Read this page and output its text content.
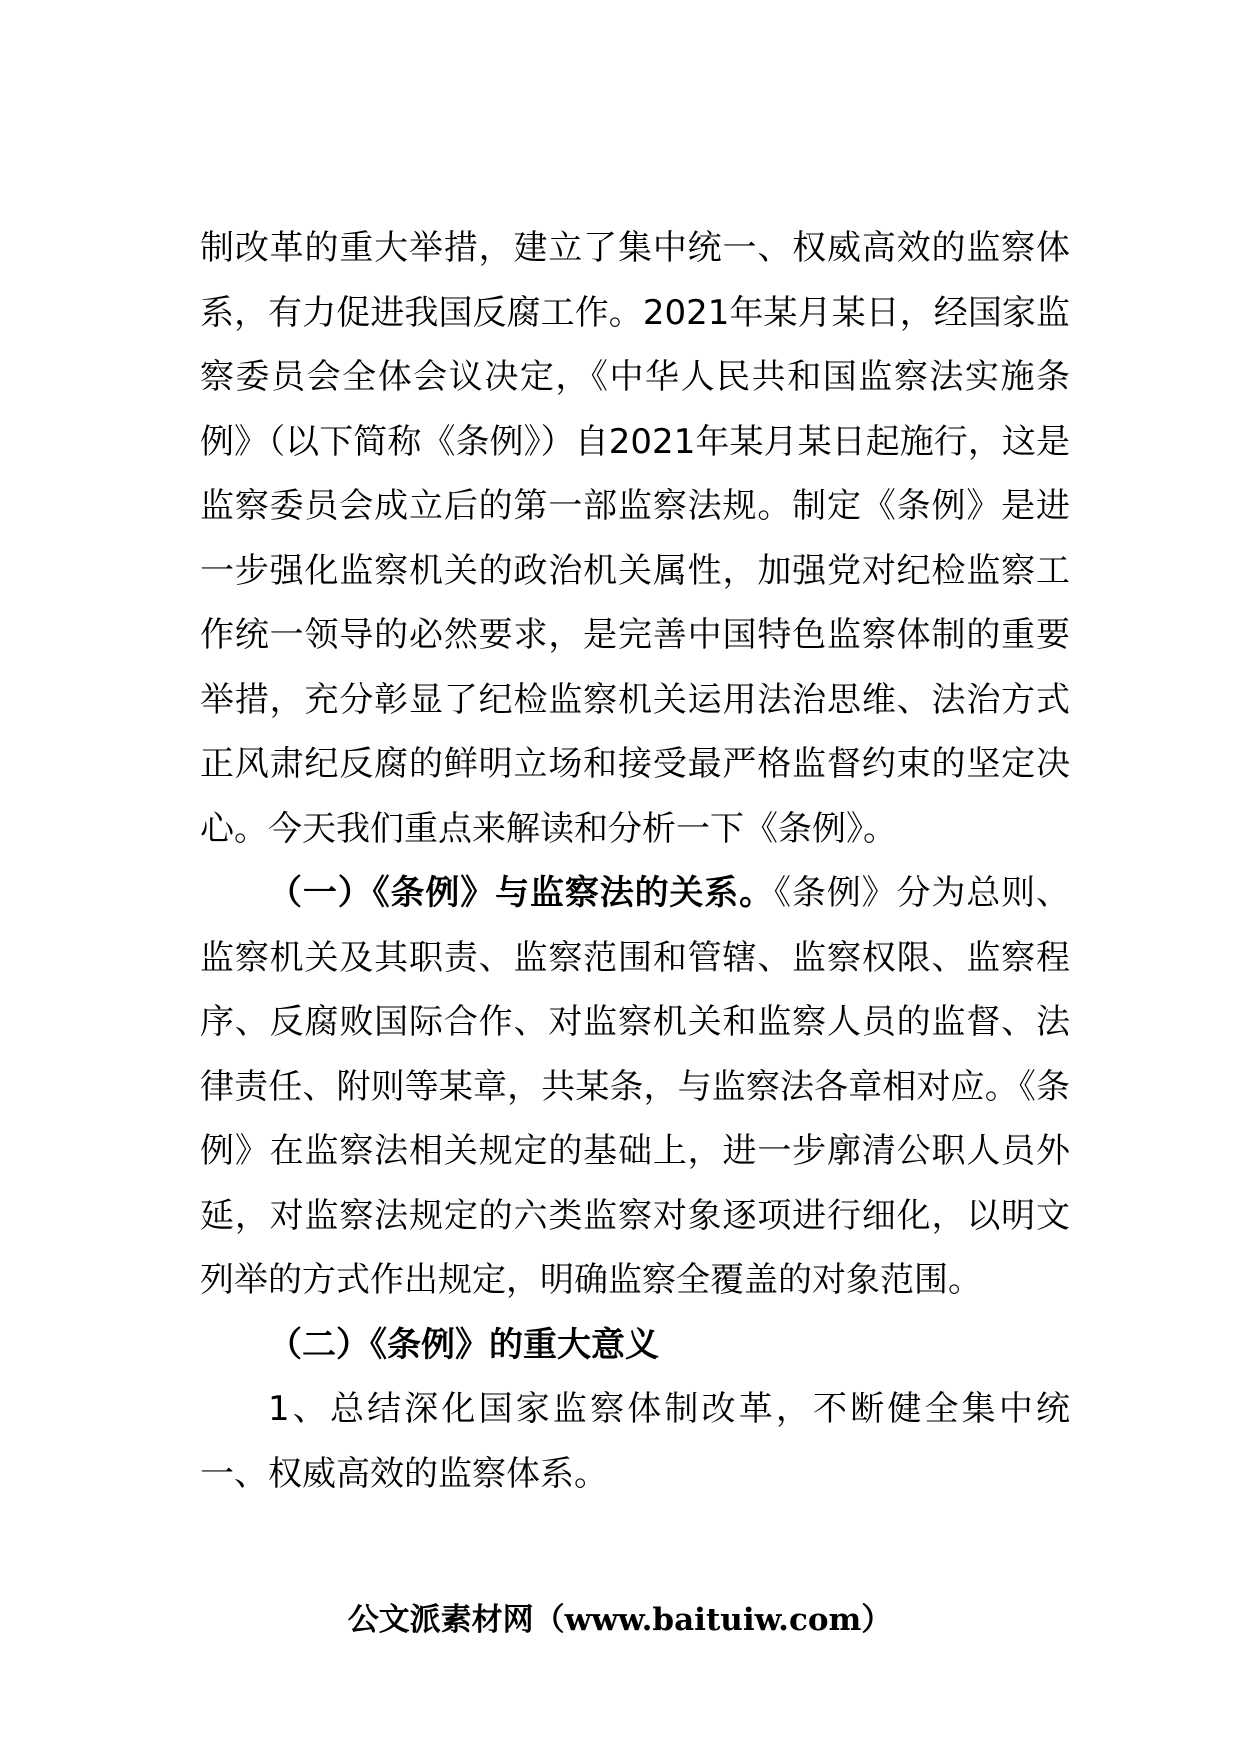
制改革的重大举措，建立了集中统一、权威高效的监察体系，有力促进我国反腐工作。2021年某月某日，经国家监察委员会全体会议决定，《中华人民共和国监察法实施条例》（以下简称《条例》）自2021年某月某日起施行，这是监察委员会成立后的第一部监察法规。制定《条例》是进一步强化监察机关的政治机关属性，加强党对纪检监察工作统一领导的必然要求，是完善中国特色监察体制的重要举措，充分彰显了纪检监察机关运用法治思维、法治方式正风肃纪反腐的鲜明立场和接受最严格监督约束的坚定决心。今天我们重点来解读和分析一下《条例》。

（一）《条例》与监察法的关系。《条例》分为总则、监察机关及其职责、监察范围和管辖、监察权限、监察程序、反腐败国际合作、对监察机关和监察人员的监督、法律责任、附则等某章，共某条，与监察法各章相对应。《条例》在监察法相关规定的基础上，进一步廓清公职人员外延，对监察法规定的六类监察对象逐项进行细化，以明文列举的方式作出规定，明确监察全覆盖的对象范围。

（二）《条例》的重大意义

1、总结深化国家监察体制改革，不断健全集中统一、权威高效的监察体系。

公文派素材网（www.baituiw.com）
